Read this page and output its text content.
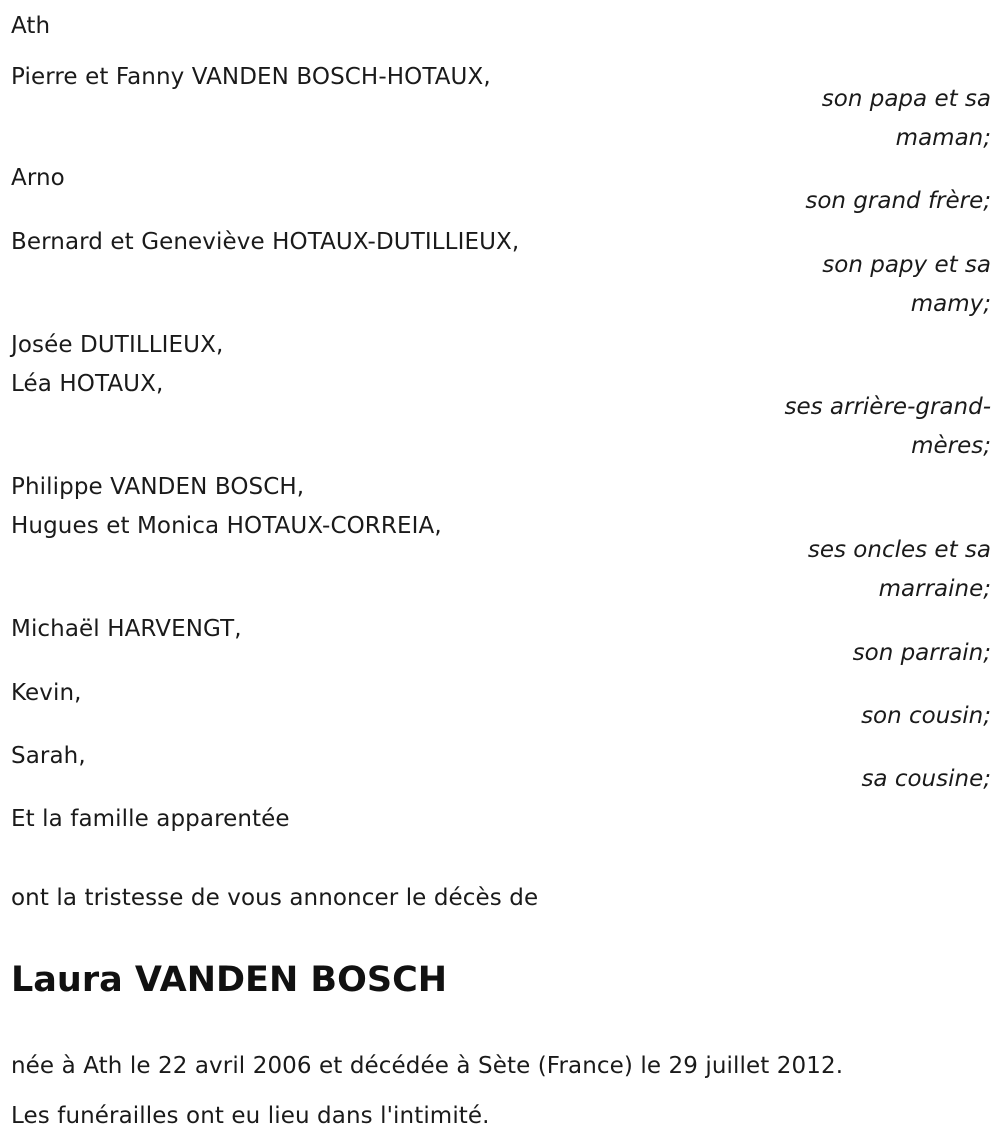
Ath
Pierre et Fanny VANDEN BOSCH-HOTAUX,
son papa et sa
maman;
Arno
son grand frère;
Bernard et Geneviève HOTAUX-DUTILLIEUX,
son papy et sa
mamy;
Josée DUTILLIEUX,
Léa HOTAUX,
ses arrière-grand-
mères;
Philippe VANDEN BOSCH,
Hugues et Monica HOTAUX-CORREIA,
ses oncles et sa
marraine;
Michaël HARVENGT,
son parrain;
Kevin,
son cousin;
Sarah,
sa cousine;
Et la famille apparentée
ont la tristesse de vous annoncer le décès de
Laura VANDEN BOSCH
née à Ath le 22 avril 2006 et décédée à Sète (France) le 29 juillet 2012.
Les funérailles ont eu lieu dans l'intimité.
